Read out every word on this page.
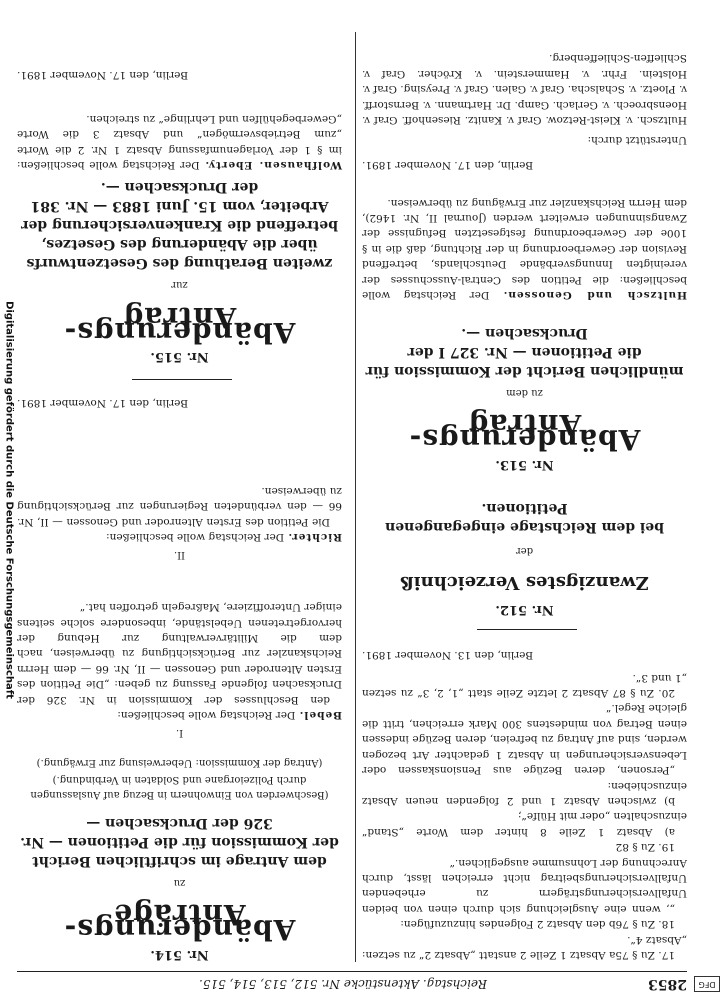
Digitalisierung gefördert durch die Deutsche Forschungsgemeinschaft
DFG
2853
Reichstag. Aktenstücke Nr. 512, 513, 514, 515.
17. Zu § 75a Absatz 1 Zeile 2 anstatt „Absatz 2“ zu setzen: „Absatz 4“.
18. Zu § 76b den Absatz 2 Folgendes hinzuzufügen:
„, wenn eine Ausgleichung sich durch einen von beiden Unfallversicherungsträgern zu erhebenden Unfallversicherungsbeitrag nicht erreichen lässt, durch Anrechnung der Lohnsumme ausgeglichen.“
19. Zu § 82
a) Absatz 1 Zeile 8 hinter dem Worte „Stand“ einzuschalten „oder mit Hülfe“;
b) zwischen Absatz 1 und 2 folgenden neuen Absatz einzuschieben:
„Personen, deren Bezüge aus Pensionskassen oder Lebensversicherungen in Absatz 1 gedachter Art bezogen werden, sind auf Antrag zu befreien, deren Bezüge indessen einen Betrag von mindestens 300 Mark erreichen, tritt die gleiche Regel.“
20. Zu § 87 Absatz 2 letzte Zeile statt „1, 2, 3“ zu setzen „1 und 3“.
Berlin, den 13. November 1891.
Nr. 512.
Zwanzigstes Verzeichniß
der
bei dem Reichstage eingegangenen Petitionen.
Nr. 513.
Abänderungs-Antrag
zu dem
mündlichen Bericht der Kommission für die Petitionen — Nr. 327 I der Drucksachen —.
Hultzsch und Genossen. Der Reichstag wolle beschließen: die Petition des Central-Ausschusses der vereinigten Innungsverbände Deutschlands, betreffend Revision der Gewerbeordnung in der Richtung, daß die in § 100e der Gewerbeordnung festgesetzten Befugnisse der Zwangsinnungen erweitert werden (Journal II, Nr. 1462), dem Herrn Reichskanzler zur Erwägung zu überweisen.
Berlin, den 17. November 1891.
Unterstützt durch:
Hultzsch. v. Kleist-Retzow. Graf v. Kanitz. Riesenhoff. Graf v. Hoensbroech. v. Gerlach. Gamp. Dr. Hartmann. v. Bernstorff. v. Ploetz. v. Schalscha. Graf v. Galen. Graf v. Preysing. Graf v. Holstein. Frhr. v. Hammerstein. v. Kröcher. Graf v. Schlieffen-Schlieffenberg.
Nr. 514.
Abänderungs-Anträge
zu
dem Antrage im schriftlichen Bericht der Kommission für die Petitionen — Nr. 326 der Drucksachen —
(Beschwerden von Einwohnern in Bezug auf Auslassungen durch Polizeiorgane und Soldaten in Verbindung.)
(Antrag der Kommission: Ueberweisung zur Erwägung.)
I.
Bebel. Der Reichstag wolle beschließen:
den Beschlusses der Kommission in Nr. 326 der Drucksachen folgende Fassung zu geben: „Die Petition des Ersten Altenroder und Genossen — II, Nr. 66 — dem Herrn Reichskanzler zur Berücksichtigung zu überweisen, nach dem die Militärverwaltung zur Hebung der hervorgetretenen Uebelstände, inbesondere solche seitens einiger Unteroffiziere, Maßregeln getroffen hat.“
II.
Richter. Der Reichstag wolle beschließen:
Die Petition des Ersten Altenroder und Genossen — II, Nr. 66 — den verbündeten Regierungen zur Berücksichtigung zu überweisen.
Berlin, den 17. November 1891.
Nr. 515.
Abänderungs-Antrag
zur
zweiten Berathung des Gesetzentwurfs über die Abänderung des Gesetzes, betreffend die Krankenversicherung der Arbeiter, vom 15. Juni 1883 — Nr. 381 der Drucksachen —.
Wolfhausen. Eberty. Der Reichstag wolle beschließen: im § 1 der Vorlagenumfassung Absatz 1 Nr. 2 die Worte „zum Betriebsvermögen“ und Absatz 3 die Worte „Gewerbegehülfen und Lehrlinge“ zu streichen.
Berlin, den 17. November 1891.
